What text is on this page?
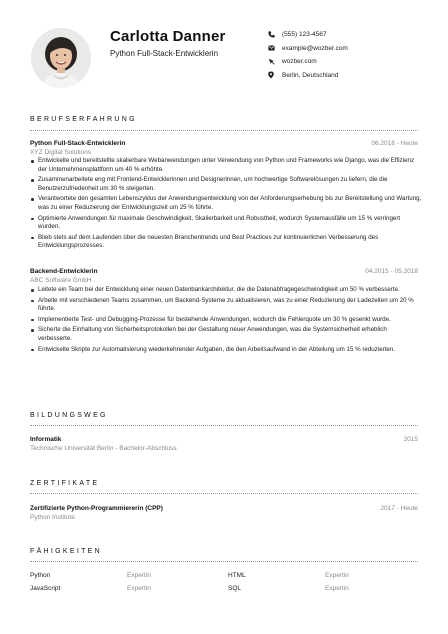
Carlotta Danner
Python Full-Stack-Entwicklerin
(555) 123-4567
example@wozber.com
wozber.com
Berlin, Deutschland
BERUFSERFAHRUNG
Python Full-Stack-Entwicklerin	06.2018 - Heute
XYZ Digital Solutions
Entwickelte und bereitstellte skalierbare Webanwendungen unter Verwendung von Python und Frameworks wie Django, was die Effizienz der Unternehmensplattform um 40 % erhöhte.
Zusammenarbeitete eng mit Frontend-Entwicklerinnen und Designerinnen, um hochwertige Softwarelösungen zu liefern, die die Benutzerzufriedenheit um 30 % steigerten.
Verantwortete den gesamten Lebenszyklus der Anwendungsentwicklung von der Anforderungserhebung bis zur Bereitstellung und Wartung, was zu einer Reduzierung der Entwicklungszeit um 25 % führte.
Optimierte Anwendungen für maximale Geschwindigkeit, Skalierbarkeit und Robustheit, wodurch Systemausfälle um 15 % verringert wurden.
Blieb stets auf dem Laufenden über die neuesten Branchentrends und Best Practices zur kontinuierlichen Verbesserung des Entwicklungsprozesses.
Backend-Entwicklerin	04.2015 - 05.2018
ABC Software GmbH
Leitete ein Team bei der Entwicklung einer neuen Datenbankarchitektur, die die Datenabfragegeschwindigkeit um 50 % verbesserte.
Arbeite mit verschiedenen Teams zusammen, um Backend-Systeme zu aktualisieren, was zu einer Reduzierung der Ladezeiten um 20 % führte.
Implementierte Test- und Debugging-Prozesse für bestehende Anwendungen, wodurch die Fehlerquote um 30 % gesenkt wurde.
Sicherte die Einhaltung von Sicherheitsprotokollen bei der Gestaltung neuer Anwendungen, was die Systemsicherheit erheblich verbesserte.
Entwickelte Skripte zur Automatisierung wiederkehrender Aufgaben, die den Arbeitsaufwand in der Abteilung um 15 % reduzierten.
BILDUNGSWEG
Informatik	2015
Technische Universität Berlin - Bachelor-Abschluss
ZERTIFIKATE
Zertifizierte Python-Programmiererin (CPP)	2017 - Heute
Python Institute
FÄHIGKEITEN
Python	Expertin	HTML	Expertin
JavaScript	Expertin	SQL	Expertin
